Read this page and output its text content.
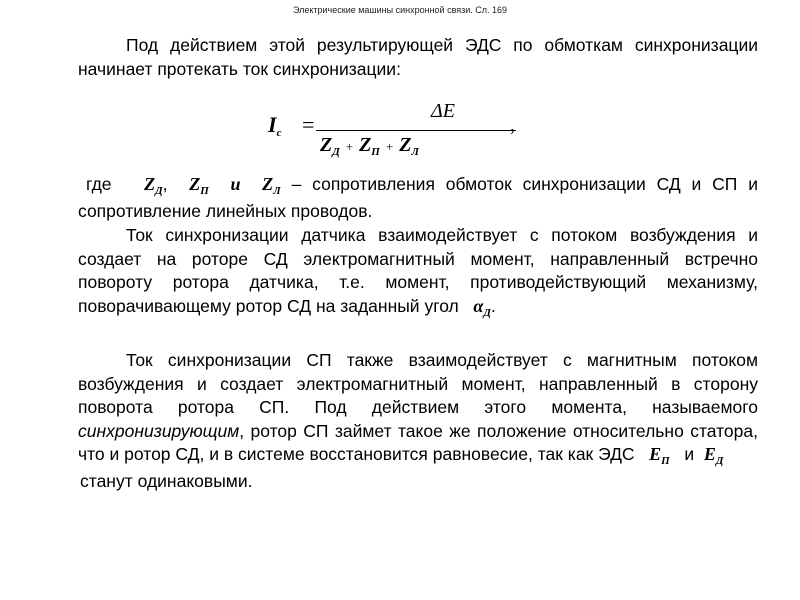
Электрические машины синхронной связи. Сл. 169

Под действием этой результирующей ЭДС по обмоткам синхронизации начинает протекать ток синхронизации:

Iс =
ΔE
$Z_Д + Z_П + Z_Л$
,

где $Z_Д$, $Z_П$ и $Z_Л$ – сопротивления обмоток синхронизации СД и СП и сопротивление линейных проводов.

Ток синхронизации датчика взаимодействует с потоком возбуждения и создает на роторе СД электромагнитный момент, направленный встречно повороту ротора датчика, т.е. момент, противодействующий механизму, поворачивающему ротор СД на заданный угол $\alpha_Д$.

Ток синхронизации СП также взаимодействует с магнитным потоком возбуждения и создает электромагнитный момент, направленный в сторону поворота ротора СП. Под действием этого момента, называемого синхронизирующим, ротор СП займет такое же положение относительно статора, что и ротор СД, и в системе восстановится равновесие, так как ЭДС $E_П$ и $E_Д$
станут одинаковыми.
